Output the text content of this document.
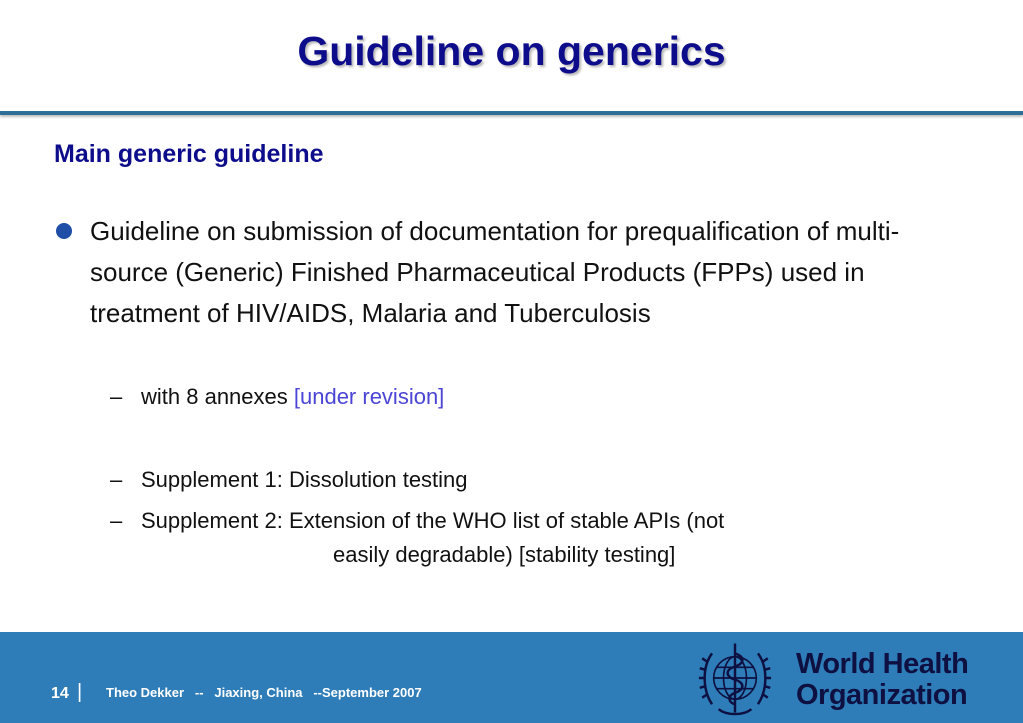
Guideline on generics
Main generic guideline
Guideline on submission of documentation for prequalification of multi-source (Generic) Finished Pharmaceutical Products (FPPs) used in treatment of HIV/AIDS, Malaria and Tuberculosis
– with 8 annexes [under revision]
– Supplement 1: Dissolution testing
– Supplement 2: Extension of the WHO list of stable APIs (not
easily degradable) [stability testing]
14 | Theo Dekker   --   Jiaxing, China   --September 2007
World Health
Organization
